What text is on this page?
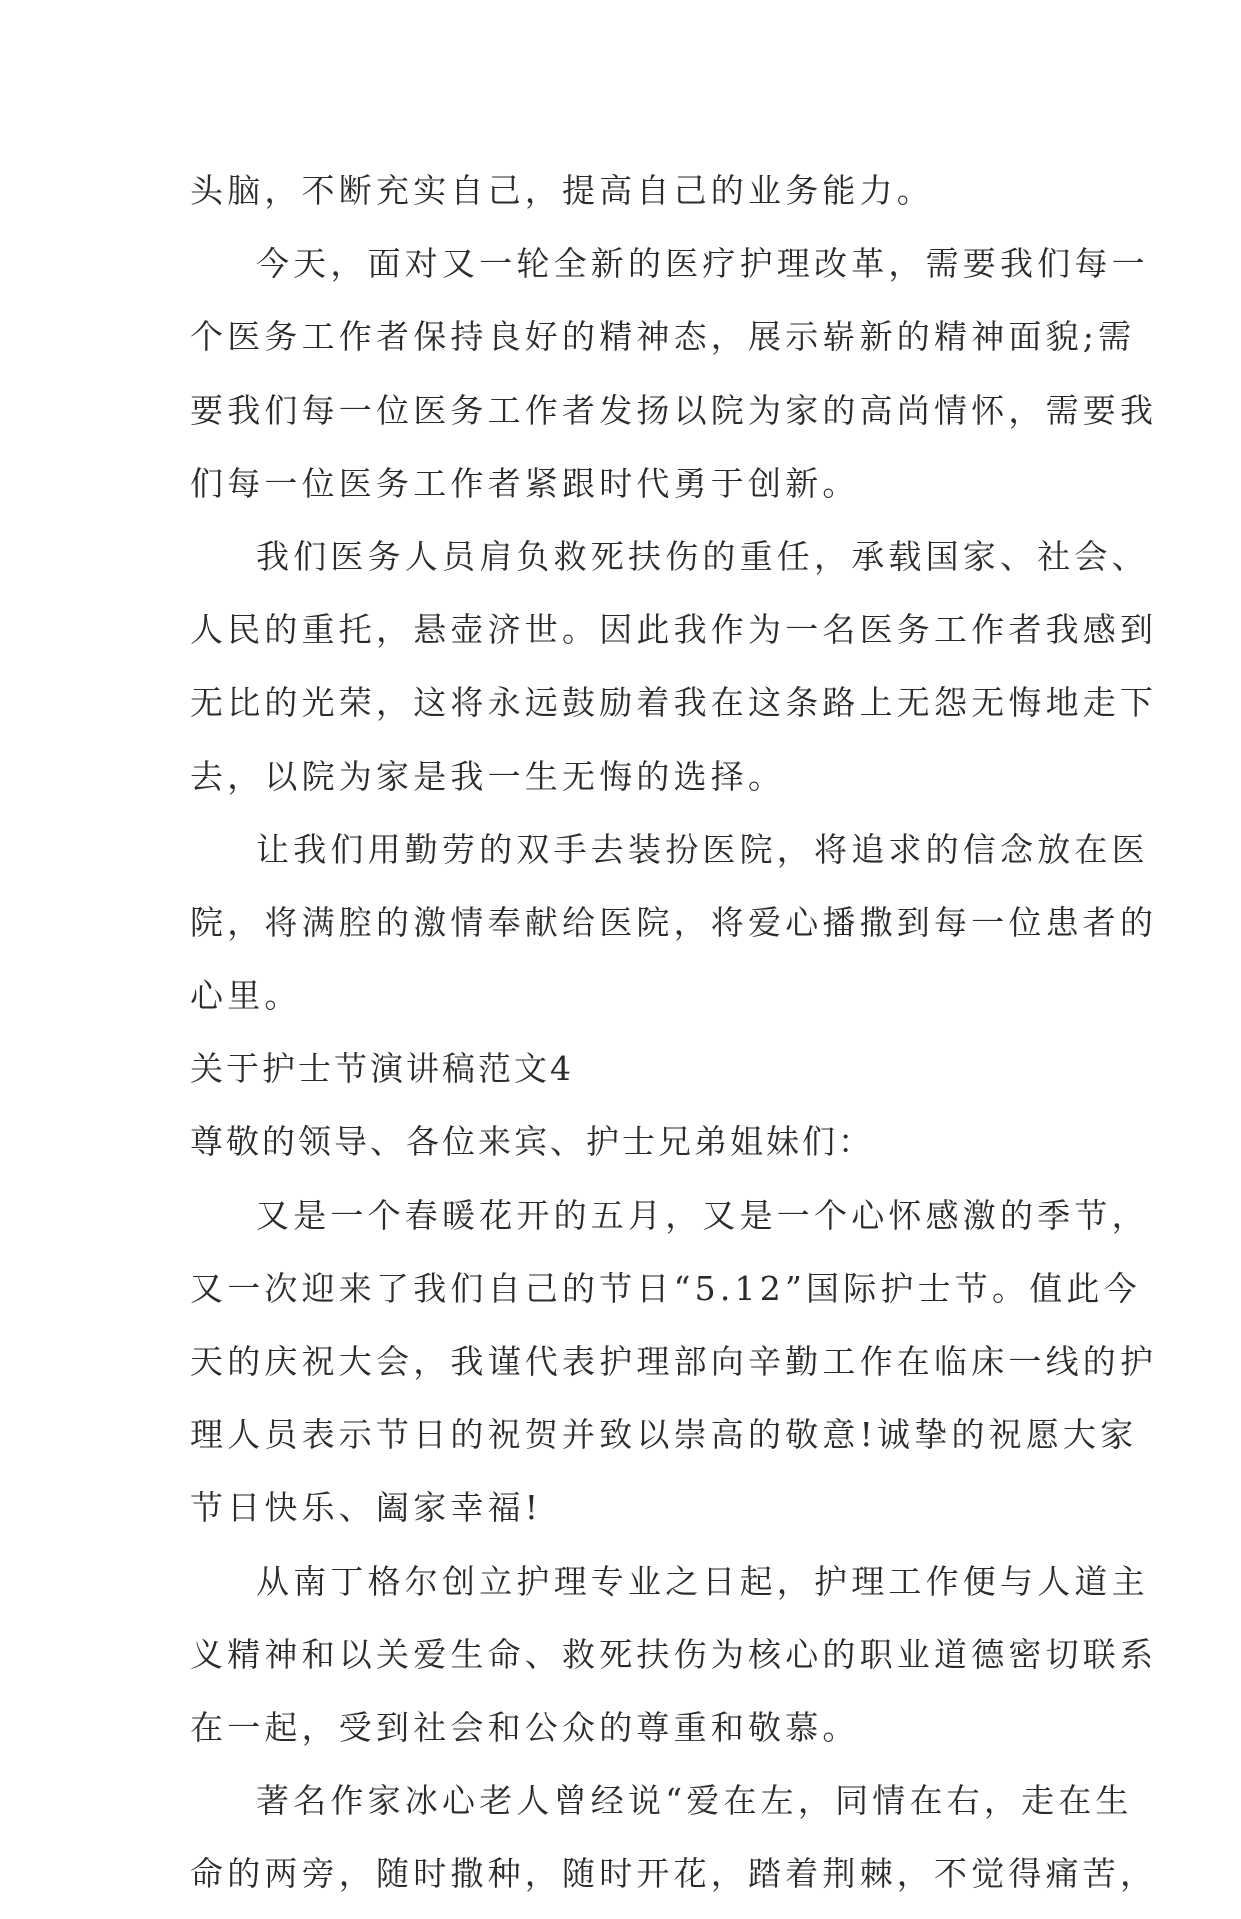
头脑，不断充实自己，提高自己的业务能力。
今天，面对又一轮全新的医疗护理改革，需要我们每一
个医务工作者保持良好的精神态，展示崭新的精神面貌;需
要我们每一位医务工作者发扬以院为家的高尚情怀，需要我
们每一位医务工作者紧跟时代勇于创新。
我们医务人员肩负救死扶伤的重任，承载国家、社会、
人民的重托，悬壶济世。因此我作为一名医务工作者我感到
无比的光荣，这将永远鼓励着我在这条路上无怨无悔地走下
去，以院为家是我一生无悔的选择。
让我们用勤劳的双手去装扮医院，将追求的信念放在医
院，将满腔的激情奉献给医院，将爱心播撒到每一位患者的
心里。
关于护士节演讲稿范文4
尊敬的领导、各位来宾、护士兄弟姐妹们：
又是一个春暖花开的五月，又是一个心怀感激的季节，
又一次迎来了我们自己的节日“5.12”国际护士节。值此今
天的庆祝大会，我谨代表护理部向辛勤工作在临床一线的护
理人员表示节日的祝贺并致以崇高的敬意!诚挚的祝愿大家
节日快乐、阖家幸福!
从南丁格尔创立护理专业之日起，护理工作便与人道主
义精神和以关爱生命、救死扶伤为核心的职业道德密切联系
在一起，受到社会和公众的尊重和敬慕。
著名作家冰心老人曾经说“爱在左，同情在右，走在生
命的两旁，随时撒种，随时开花，踏着荆棘，不觉得痛苦，
